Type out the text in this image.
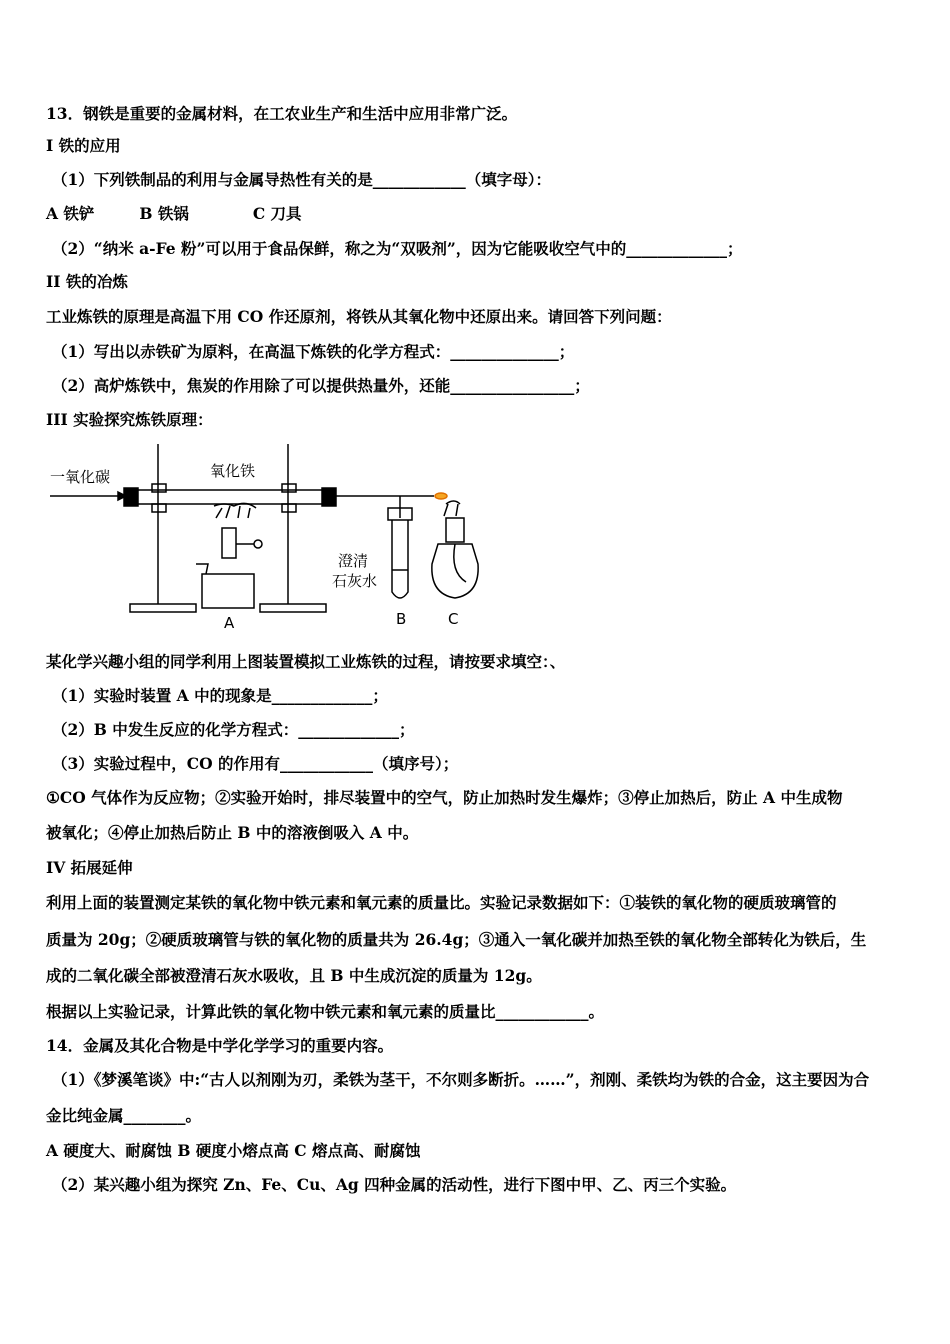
13．钢铁是重要的金属材料，在工农业生产和生活中应用非常广泛。
I 铁的应用
（1）下列铁制品的利用与金属导热性有关的是____________（填字母）：
A 铁铲	B 铁锅	C 刀具
（2）“纳米 a-Fe 粉”可以用于食品保鲜，称之为“双吸剂”，因为它能吸收空气中的_____________；
II 铁的冶炼
工业炼铁的原理是高温下用 CO 作还原剂，将铁从其氧化物中还原出来。请回答下列问题：
（1）写出以赤铁矿为原料，在高温下炼铁的化学方程式：______________；
（2）高炉炼铁中，焦炭的作用除了可以提供热量外，还能________________；
III 实验探究炼铁原理：
一氧化碳	氧化铁
澄清
石灰水
A	B	C
某化学兴趣小组的同学利用上图装置模拟工业炼铁的过程，请按要求填空：、
（1）实验时装置 A 中的现象是_____________；
（2）B 中发生反应的化学方程式：_____________；
（3）实验过程中，CO 的作用有____________（填序号）；
①CO 气体作为反应物；②实验开始时，排尽装置中的空气，防止加热时发生爆炸；③停止加热后，防止 A 中生成物
被氧化；④停止加热后防止 B 中的溶液倒吸入 A 中。
IV 拓展延伸
利用上面的装置测定某铁的氧化物中铁元素和氧元素的质量比。实验记录数据如下：①装铁的氧化物的硬质玻璃管的
质量为 20g；②硬质玻璃管与铁的氧化物的质量共为 26.4g；③通入一氧化碳并加热至铁的氧化物全部转化为铁后，生
成的二氧化碳全部被澄清石灰水吸收，且 B 中生成沉淀的质量为 12g。
根据以上实验记录，计算此铁的氧化物中铁元素和氧元素的质量比____________。
14．金属及其化合物是中学化学学习的重要内容。
（1）《梦溪笔谈》中:“古人以剂刚为刃，柔铁为茎干，不尔则多断折。……”，剂刚、柔铁均为铁的合金，这主要因为合
金比纯金属________。
A 硬度大、耐腐蚀 B 硬度小熔点高 C 熔点高、耐腐蚀
（2）某兴趣小组为探究 Zn、Fe、Cu、Ag 四种金属的活动性，进行下图中甲、乙、丙三个实验。
